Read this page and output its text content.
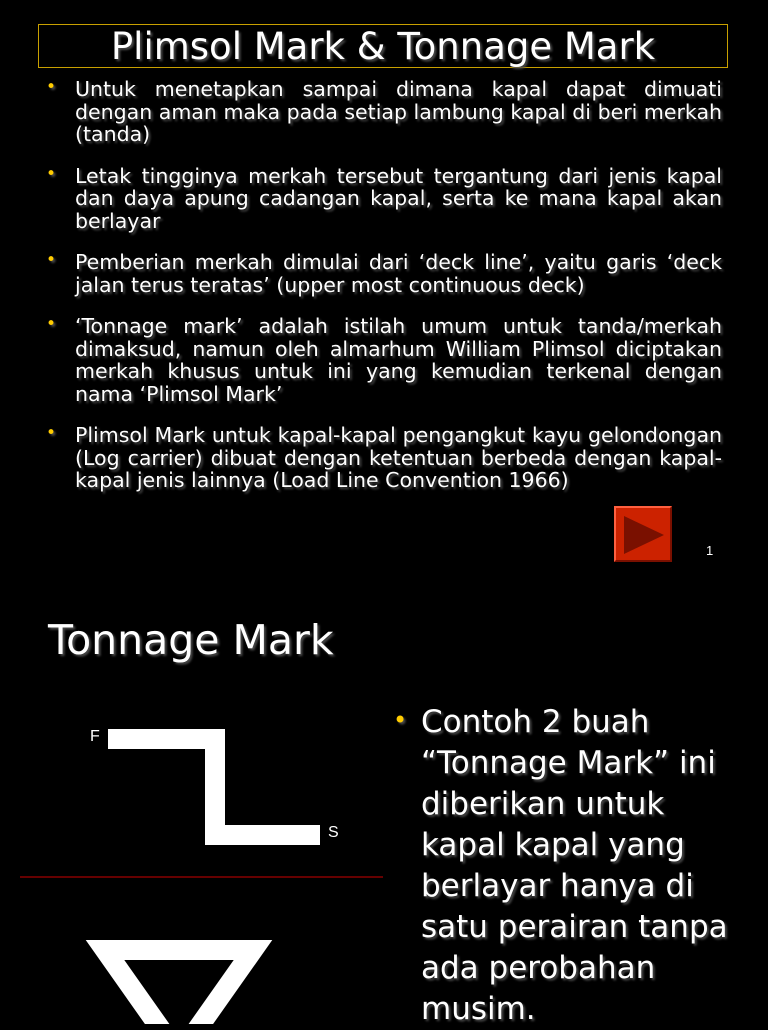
Plimsol Mark & Tonnage Mark
• Untuk menetapkan sampai dimana kapal dapat dimuati dengan aman maka pada setiap lambung kapal di beri merkah (tanda)
• Letak tingginya merkah tersebut tergantung dari jenis kapal dan daya apung cadangan kapal, serta ke mana kapal akan berlayar
• Pemberian merkah dimulai dari ‘deck line’, yaitu garis ‘deck jalan terus teratas’ (upper most continuous deck)
• ‘Tonnage mark’ adalah istilah umum untuk tanda/merkah dimaksud, namun oleh almarhum William Plimsol diciptakan merkah khusus untuk ini yang kemudian terkenal dengan nama ‘Plimsol Mark’
• Plimsol Mark untuk kapal-kapal pengangkut kayu gelondongan (Log carrier) dibuat dengan ketentuan berbeda dengan kapal-kapal jenis lainnya (Load Line Convention 1966)
1
Tonnage Mark
F
S
• Contoh 2 buah “Tonnage Mark” ini diberikan untuk kapal kapal yang berlayar hanya di satu perairan tanpa ada perobahan musim.
